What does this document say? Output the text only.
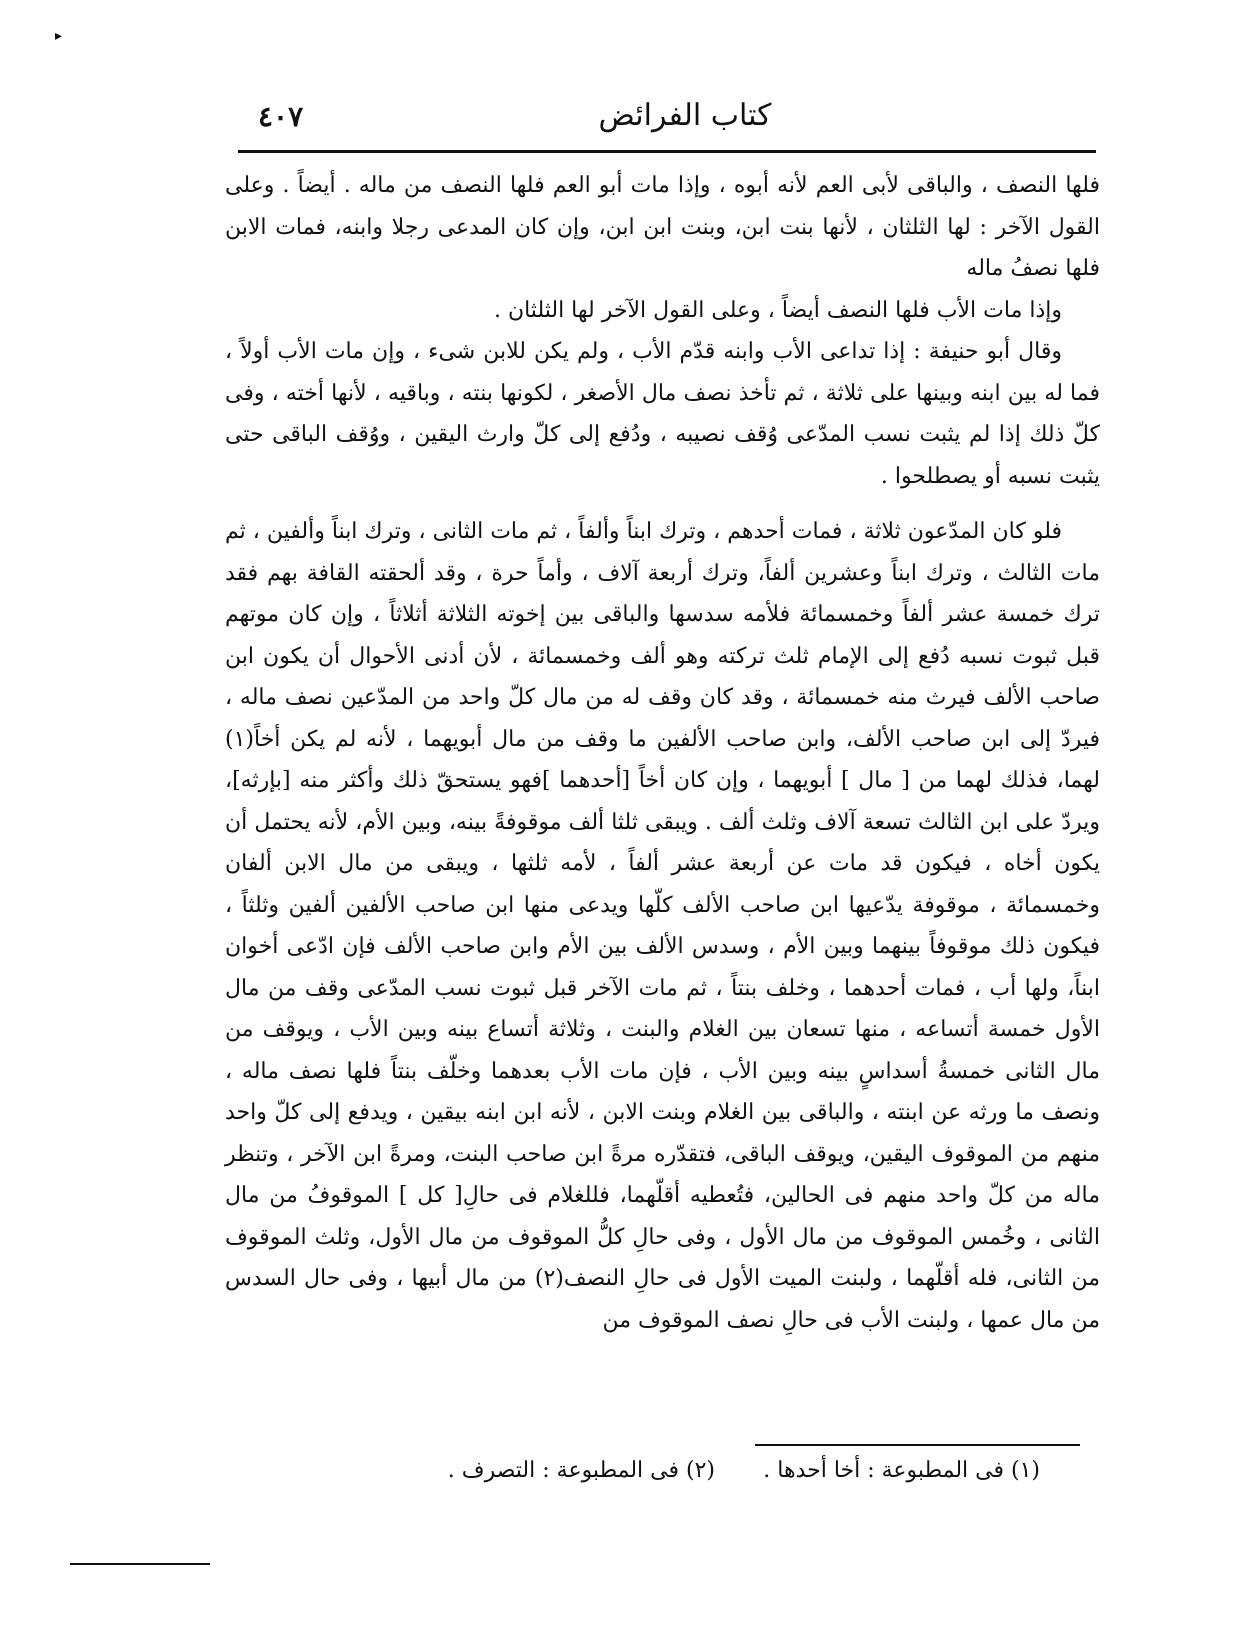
▸
٤٠٧	كتاب الفرائض

فلها النصف ، والباقى لأبى العم لأنه أبوه ، وإذا مات أبو العم فلها النصف من ماله . أيضاً . وعلى القول الآخر : لها الثلثان ، لأنها بنت ابن، وبنت ابن ابن، وإن كان المدعى رجلا وابنه، فمات الابن فلها نصفُ ماله

وإذا مات الأب فلها النصف أيضاً ، وعلى القول الآخر لها الثلثان .

وقال أبو حنيفة : إذا تداعى الأب وابنه قدّم الأب ، ولم يكن للابن شىء ، وإن مات الأب أولاً ، فما له بين ابنه وبينها على ثلاثة ، ثم تأخذ نصف مال الأصغر ، لكونها بنته ، وباقيه ، لأنها أخته ، وفى كلّ ذلك إذا لم يثبت نسب المدّعى وُقف نصيبه ، ودُفع إلى كلّ وارث اليقين ، ووُقف الباقى حتى يثبت نسبه أو يصطلحوا .

فلو كان المدّعون ثلاثة ، فمات أحدهم ، وترك ابناً وألفاً ، ثم مات الثانى ، وترك ابناً وألفين ، ثم مات الثالث ، وترك ابناً وعشرين ألفاً، وترك أربعة آلاف ، وأماً حرة ، وقد ألحقته القافة بهم فقد ترك خمسة عشر ألفاً وخمسمائة فلأمه سدسها والباقى بين إخوته الثلاثة أثلاثاً ، وإن كان موتهم قبل ثبوت نسبه دُفع إلى الإمام ثلث تركته وهو ألف وخمسمائة ، لأن أدنى الأحوال أن يكون ابن صاحب الألف فيرث منه خمسمائة ، وقد كان وقف له من مال كلّ واحد من المدّعين نصف ماله ، فيردّ إلى ابن صاحب الألف، وابن صاحب الألفين ما وقف من مال أبويهما ، لأنه لم يكن أخاً(١) لهما، فذلك لهما من [ مال ] أبويهما ، وإن كان أخاً [أحدهما ]فهو يستحقّ ذلك وأكثر منه [بإرثه]، ويردّ على ابن الثالث تسعة آلاف وثلث ألف . ويبقى ثلثا ألف موقوفةً بينه، وبين الأم، لأنه يحتمل أن يكون أخاه ، فيكون قد مات عن أربعة عشر ألفاً ، لأمه ثلثها ، ويبقى من مال الابن ألفان وخمسمائة ، موقوفة يدّعيها ابن صاحب الألف كلّها ويدعى منها ابن صاحب الألفين ألفين وثلثاً ، فيكون ذلك موقوفاً بينهما وبين الأم ، وسدس الألف بين الأم وابن صاحب الألف فإن ادّعى أخوان ابناً، ولها أب ، فمات أحدهما ، وخلف بنتاً ، ثم مات الآخر قبل ثبوت نسب المدّعى وقف من مال الأول خمسة أتساعه ، منها تسعان بين الغلام والبنت ، وثلاثة أتساع بينه وبين الأب ، ويوقف من مال الثانى خمسةُ أسداسٍ بينه وبين الأب ، فإن مات الأب بعدهما وخلّف بنتاً فلها نصف ماله ، ونصف ما ورثه عن ابنته ، والباقى بين الغلام وبنت الابن ، لأنه ابن ابنه بيقين ، ويدفع إلى كلّ واحد منهم من الموقوف اليقين، ويوقف الباقى، فتقدّره مرةً ابن صاحب البنت، ومرةً ابن الآخر ، وتنظر ماله من كلّ واحد منهم فى الحالين، فتُعطيه أقلّهما، فللغلام فى حالِ[ كل ] الموقوفُ من مال الثانى ، وخُمس الموقوف من مال الأول ، وفى حالِ كلُّ الموقوف من مال الأول، وثلث الموقوف من الثانى، فله أقلّهما ، ولبنت الميت الأول فى حالِ النصف(٢) من مال أبيها ، وفى حال السدس من مال عمها ، ولبنت الأب فى حالِ نصف الموقوف من

(١) فى المطبوعة : أخا أحدها .
(٢) فى المطبوعة : التصرف .
